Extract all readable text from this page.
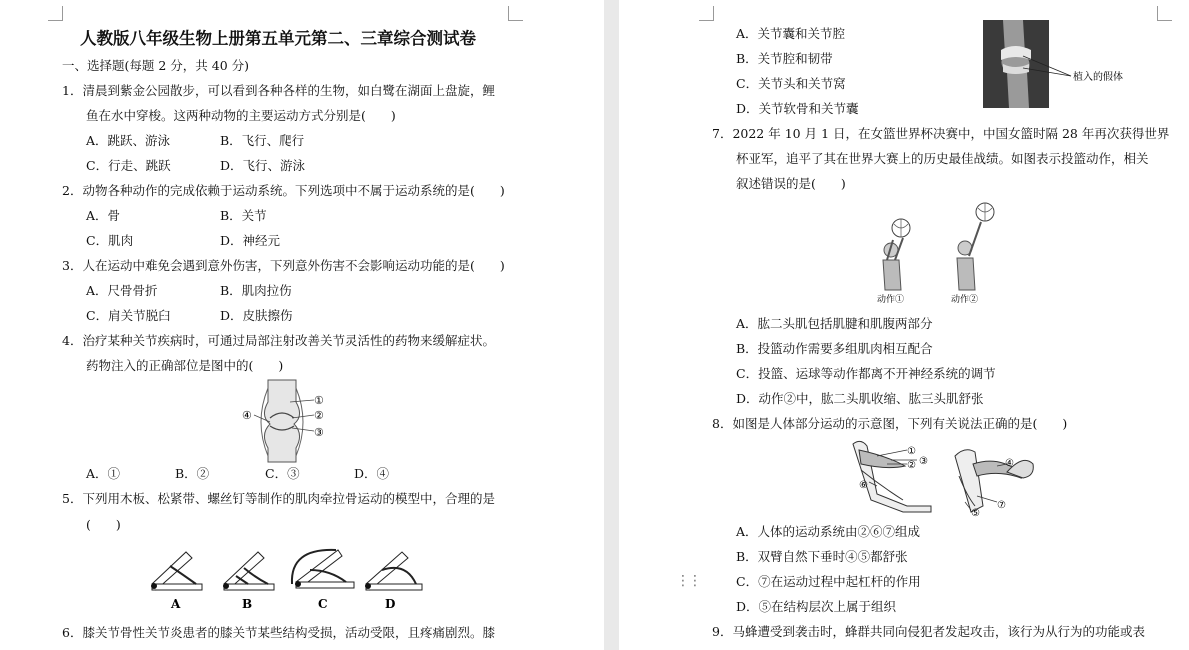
人教版八年级生物上册第五单元第二、三章综合测试卷
一、选择题(每题 2 分，共 40 分)
1．清晨到紫金公园散步，可以看到各种各样的生物，如白鹭在湖面上盘旋，鲤
鱼在水中穿梭。这两种动物的主要运动方式分别是(　　)
A．跳跃、游泳	B．飞行、爬行
C．行走、跳跃	D．飞行、游泳
2．动物各种动作的完成依赖于运动系统。下列选项中不属于运动系统的是(　　)
A．骨	B．关节
C．肌肉	D．神经元
3．人在运动中难免会遇到意外伤害，下列意外伤害不会影响运动功能的是(　　)
A．尺骨骨折	B．肌肉拉伤
C．肩关节脱臼	D．皮肤擦伤
4．治疗某种关节疾病时，可通过局部注射改善关节灵活性的药物来缓解症状。
药物注入的正确部位是图中的(　　)
①
②
③
④
A．①	B．②	C．③	D．④
5．下列用木板、松紧带、螺丝钉等制作的肌肉牵拉骨运动的模型中，合理的是
(　　)
A	B	C	D
6．膝关节骨性关节炎患者的膝关节某些结构受损，活动受限，且疼痛剧烈。膝
A．关节囊和关节腔
B．关节腔和韧带
C．关节头和关节窝
D．关节软骨和关节囊
植入的假体
7．2022 年 10 月 1 日，在女篮世界杯决赛中，中国女篮时隔 28 年再次获得世界
杯亚军，追平了其在世界大赛上的历史最佳战绩。如图表示投篮动作，相关
叙述错误的是(　　)
动作①	动作②
A．肱二头肌包括肌腱和肌腹两部分
B．投篮动作需要多组肌肉相互配合
C．投篮、运球等动作都离不开神经系统的调节
D．动作②中，肱二头肌收缩、肱三头肌舒张
8．如图是人体部分运动的示意图，下列有关说法正确的是(　　)
①
② ③	④
⑤
⑥
⑦
A．人体的运动系统由②⑥⑦组成
B．双臂自然下垂时④⑤都舒张
C．⑦在运动过程中起杠杆的作用
D．⑤在结构层次上属于组织
9．马蜂遭受到袭击时，蜂群共同向侵犯者发起攻击，该行为从行为的功能或表
⋮⋮
